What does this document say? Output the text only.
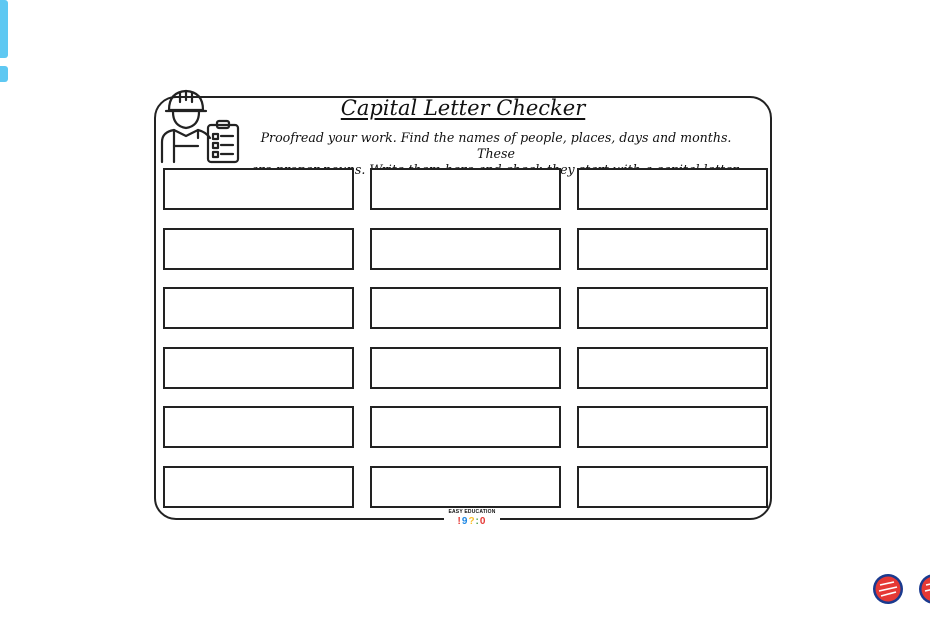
Capital Letter Checker
Proofread your work. Find the names of people, places, days and months. These
EASY EDUCATION
!9?:0
